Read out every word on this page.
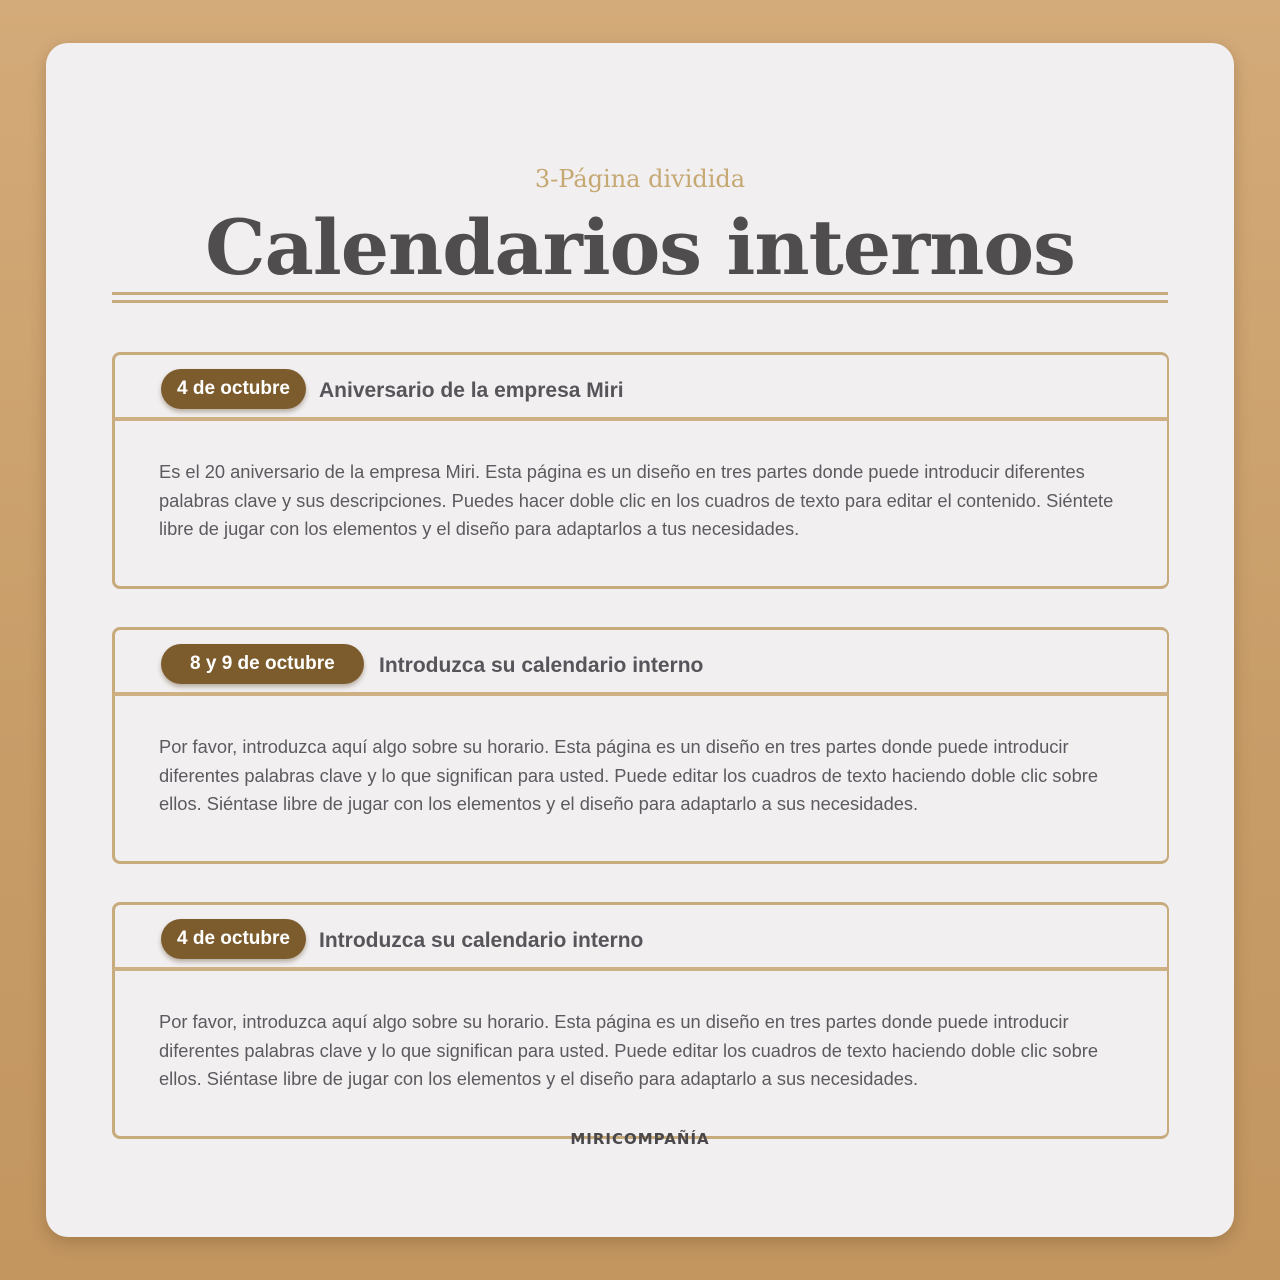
3-Página dividida
Calendarios internos
4 de octubre	Aniversario de la empresa Miri

Es el 20 aniversario de la empresa Miri. Esta página es un diseño en tres partes donde puede introducir diferentes palabras clave y sus descripciones. Puedes hacer doble clic en los cuadros de texto para editar el contenido. Siéntete libre de jugar con los elementos y el diseño para adaptarlos a tus necesidades.

8 y 9 de octubre	Introduzca su calendario interno

Por favor, introduzca aquí algo sobre su horario. Esta página es un diseño en tres partes donde puede introducir diferentes palabras clave y lo que significan para usted. Puede editar los cuadros de texto haciendo doble clic sobre ellos. Siéntase libre de jugar con los elementos y el diseño para adaptarlo a sus necesidades.

4 de octubre	Introduzca su calendario interno

Por favor, introduzca aquí algo sobre su horario. Esta página es un diseño en tres partes donde puede introducir diferentes palabras clave y lo que significan para usted. Puede editar los cuadros de texto haciendo doble clic sobre ellos. Siéntase libre de jugar con los elementos y el diseño para adaptarlo a sus necesidades.

MIRICOMPAÑÍA
